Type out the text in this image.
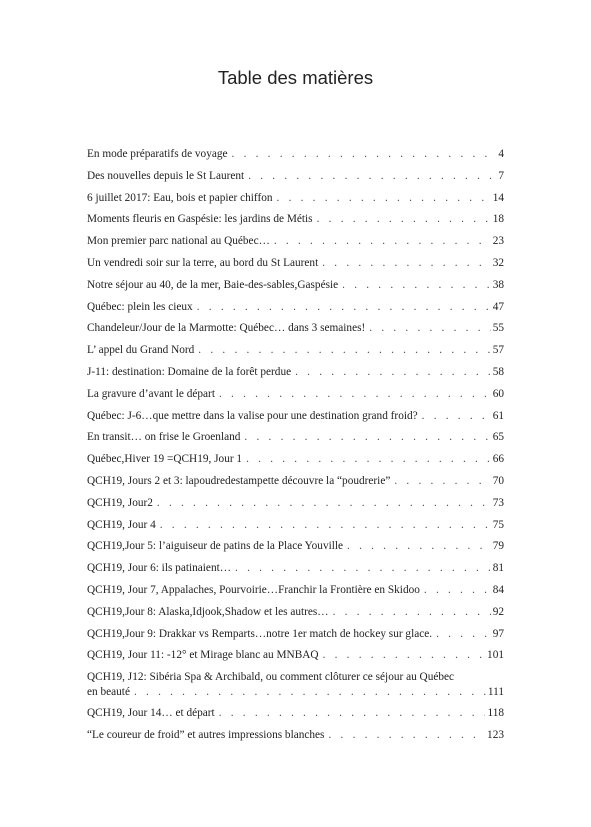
Table des matières
En mode préparatifs de voyage . . .	4
Des nouvelles depuis le St Laurent . . .	7
6 juillet 2017: Eau, bois et papier chiffon . . .	14
Moments fleuris en Gaspésie: les jardins de Métis . . .	18
Mon premier parc national au Québec… . . .	23
Un vendredi soir sur la terre, au bord du St Laurent . . .	32
Notre séjour au 40, de la mer, Baie-des-sables,Gaspésie . . .	38
Québec: plein les cieux . . .	47
Chandeleur/Jour de la Marmotte: Québec… dans 3 semaines! . . .	55
L’ appel du Grand Nord . . .	57
J-11: destination: Domaine de la forêt perdue . . .	58
La gravure d’avant le départ . . .	60
Québec: J-6…que mettre dans la valise pour une destination grand froid? . . .	61
En transit… on frise le Groenland . . .	65
Québec,Hiver 19 =QCH19, Jour 1 . . .	66
QCH19, Jours 2 et 3: lapoudredestampette découvre la “poudrerie” . . .	70
QCH19, Jour2 . . .	73
QCH19, Jour 4 . . .	75
QCH19,Jour 5: l’aiguiseur de patins de la Place Youville . . .	79
QCH19, Jour 6: ils patinaient… . . .	81
QCH19, Jour 7, Appalaches, Pourvoirie…Franchir la Frontière en Skidoo . . .	84
QCH19,Jour 8: Alaska,Idjook,Shadow et les autres… . . .	92
QCH19,Jour 9: Drakkar vs Remparts…notre 1er match de hockey sur glace. . . .	97
QCH19, Jour 11: -12° et Mirage blanc au MNBAQ . . .	101
QCH19, J12: Sibéria Spa & Archibald, ou comment clôturer ce séjour au Québec
en beauté . . .	111
QCH19, Jour 14… et départ . . .	118
“Le coureur de froid” et autres impressions blanches . . .	123
